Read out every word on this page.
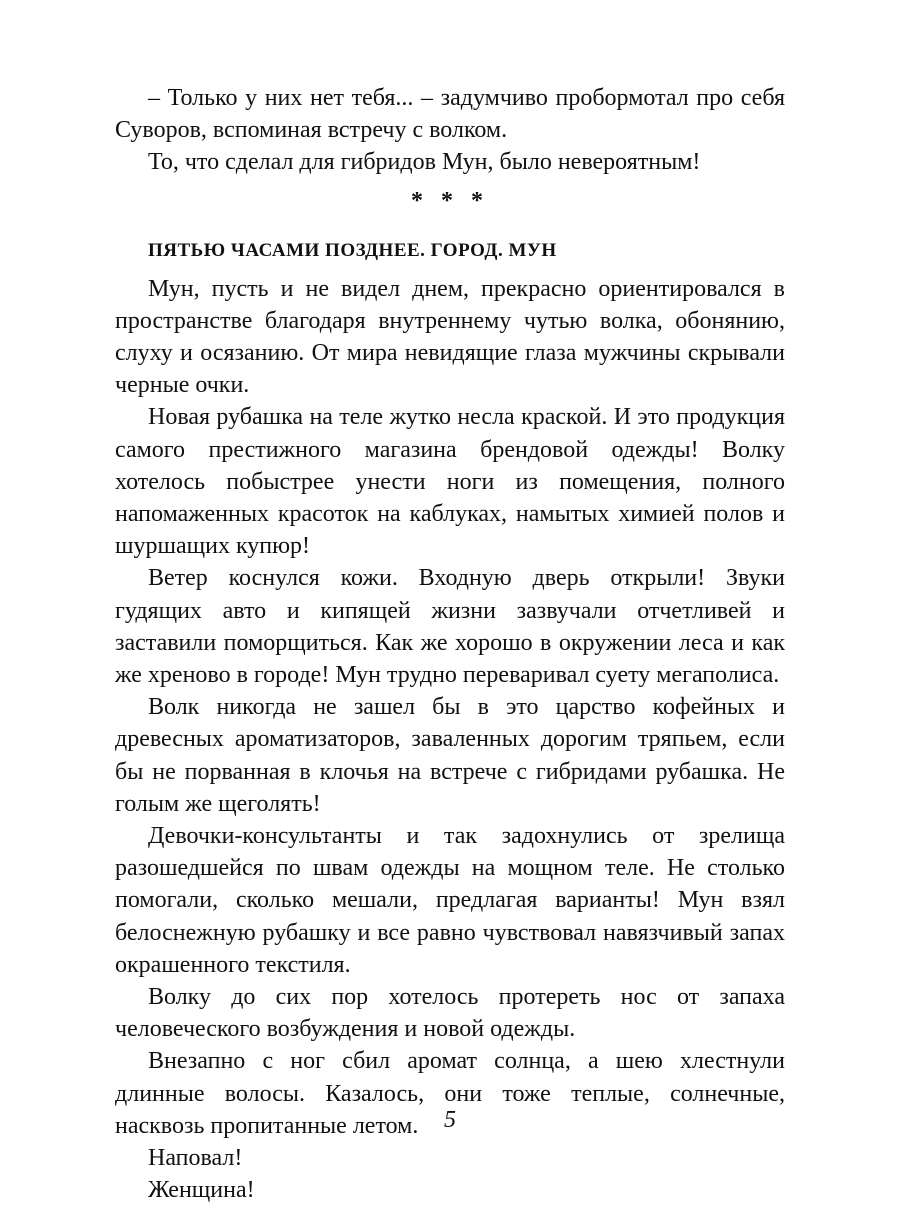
– Только у них нет тебя... – задумчиво пробормотал про себя Суворов, вспоминая встречу с волком.

То, что сделал для гибридов Мун, было невероятным!

* * *

ПЯТЬЮ ЧАСАМИ ПОЗДНЕЕ. ГОРОД. МУН

Мун, пусть и не видел днем, прекрасно ориентировался в пространстве благодаря внутреннему чутью волка, обонянию, слуху и осязанию. От мира невидящие глаза мужчины скрывали черные очки.

Новая рубашка на теле жутко несла краской. И это продукция самого престижного магазина брендовой одежды! Волку хотелось побыстрее унести ноги из помещения, полного напомаженных красоток на каблуках, намытых химией полов и шуршащих купюр!

Ветер коснулся кожи. Входную дверь открыли! Звуки гудящих авто и кипящей жизни зазвучали отчетливей и заставили поморщиться. Как же хорошо в окружении леса и как же хреново в городе! Мун трудно переваривал суету мегаполиса.

Волк никогда не зашел бы в это царство кофейных и древесных ароматизаторов, заваленных дорогим тряпьем, если бы не порванная в клочья на встрече с гибридами рубашка. Не голым же щеголять!

Девочки-консультанты и так задохнулись от зрелища разошедшейся по швам одежды на мощном теле. Не столько помогали, сколько мешали, предлагая варианты! Мун взял белоснежную рубашку и все равно чувствовал навязчивый запах окрашенного текстиля.

Волку до сих пор хотелось протереть нос от запаха человеческого возбуждения и новой одежды.

Внезапно с ног сбил аромат солнца, а шею хлестнули длинные волосы. Казалось, они тоже теплые, солнечные, насквозь пропитанные летом.

Наповал!

Женщина!

5
